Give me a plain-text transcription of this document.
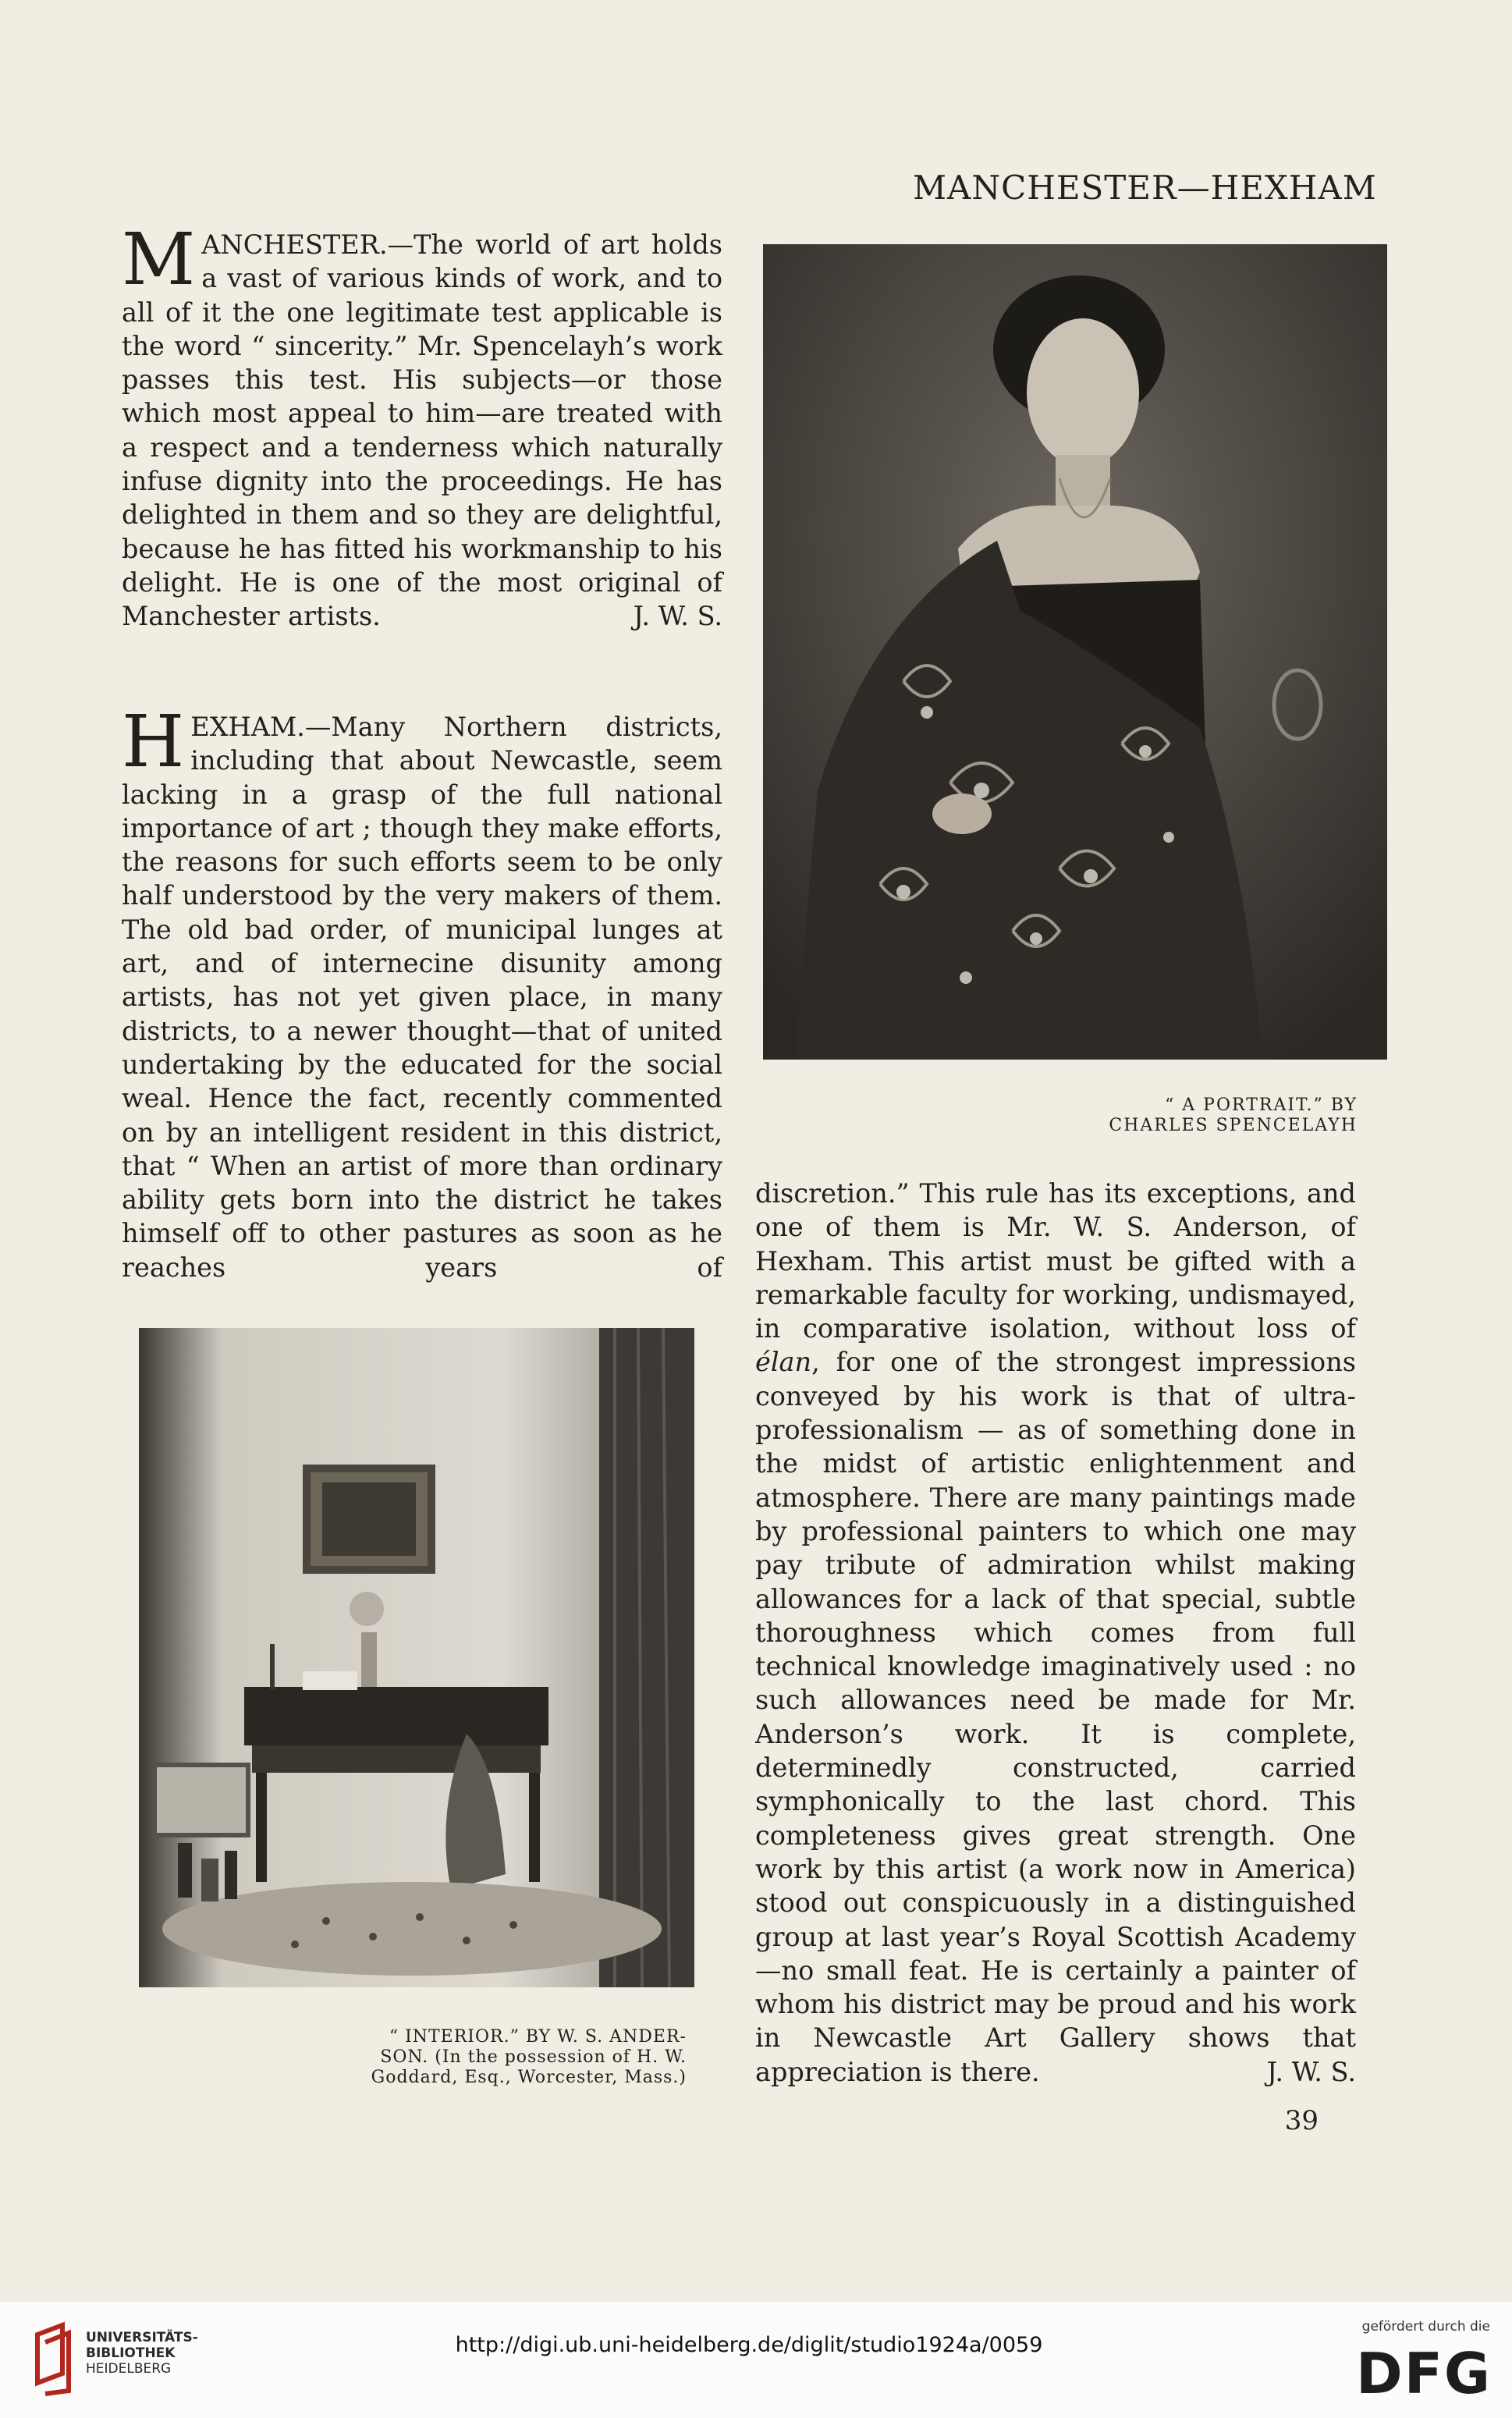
MANCHESTER—HEXHAM

MANCHESTER.—The world of art holds a vast of various kinds of work, and to all of it the one legitimate test applicable is the word “ sincerity.” Mr. Spencelayh’s work passes this test. His subjects—or those which most appeal to him—are treated with a respect and a tenderness which naturally infuse dignity into the proceedings. He has delighted in them and so they are delightful, because he has fitted his workmanship to his delight. He is one of the most original of Manchester artists.	J. W. S.

HEXHAM.—Many Northern districts, including that about Newcastle, seem lacking in a grasp of the full national importance of art ; though they make efforts, the reasons for such efforts seem to be only half understood by the very makers of them. The old bad order, of municipal lunges at art, and of internecine disunity among artists, has not yet given place, in many districts, to a newer thought—that of united undertaking by the educated for the social weal. Hence the fact, recently commented on by an intelligent resident in this district, that “ When an artist of more than ordinary ability gets born into the district he takes himself off to other pastures as soon as he reaches years of

discretion.” This rule has its exceptions, and one of them is Mr. W. S. Anderson, of Hexham. This artist must be gifted with a remarkable faculty for working, undismayed, in comparative isolation, without loss of élan, for one of the strongest impressions conveyed by his work is that of ultra-professionalism — as of something done in the midst of artistic enlightenment and atmosphere. There are many paintings made by professional painters to which one may pay tribute of admiration whilst making allowances for a lack of that special, subtle thoroughness which comes from full technical knowledge imaginatively used : no such allowances need be made for Mr. Anderson’s work. It is complete, determinedly constructed, carried symphonically to the last chord. This completeness gives great strength. One work by this artist (a work now in America) stood out conspicuously in a distinguished group at last year’s Royal Scottish Academy —no small feat. He is certainly a painter of whom his district may be proud and his work in Newcastle Art Gallery shows that appreciation is there.	J. W. S.

“ A PORTRAIT.” BY
CHARLES SPENCELAYH
“ INTERIOR.” BY W. S. ANDER-
SON. (In the possession of H. W. Goddard, Esq., Worcester, Mass.)
39
UNIVERSITÄTS-
BIBLIOTHEK
HEIDELBERG
http://digi.ub.uni-heidelberg.de/diglit/studio1924a/0059
gefördert durch die
DFG
